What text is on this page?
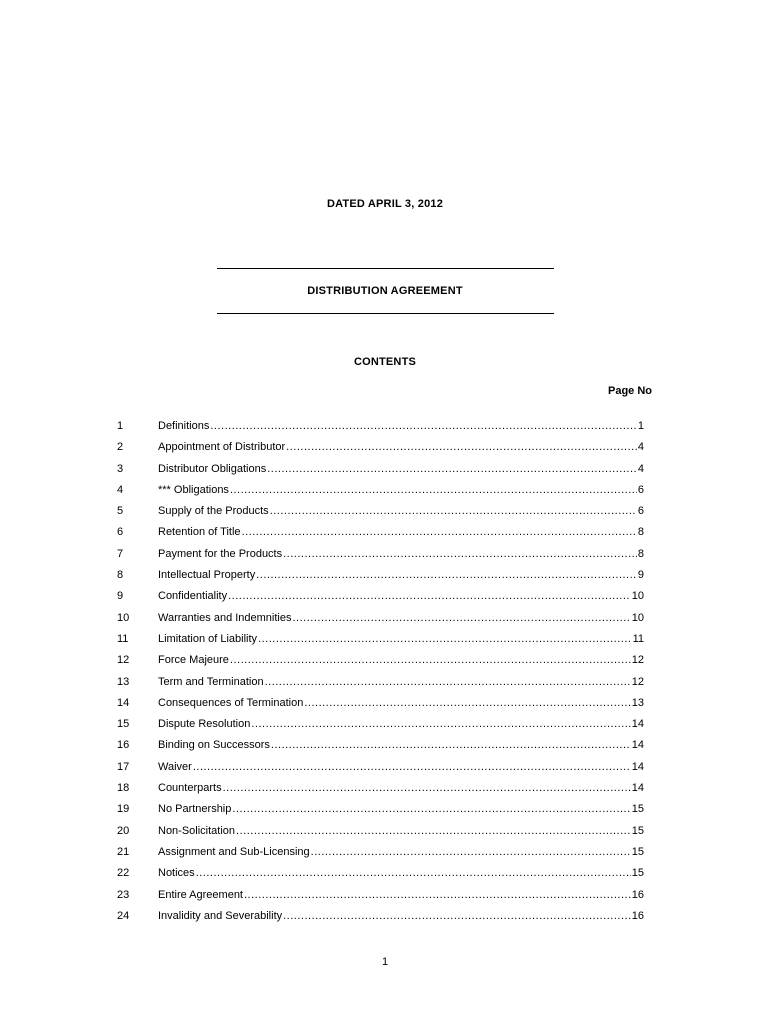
DATED APRIL 3, 2012
DISTRIBUTION AGREEMENT
CONTENTS
Page No
1	Definitions .....	1
2	Appointment of Distributor .....	4
3	Distributor Obligations .....	4
4	*** Obligations .....	6
5	Supply of the Products .....	6
6	Retention of Title .....	8
7	Payment for the Products .....	8
8	Intellectual Property .....	9
9	Confidentiality .....	10
10	Warranties and Indemnities .....	10
11	Limitation of Liability .....	11
12	Force Majeure .....	12
13	Term and Termination .....	12
14	Consequences of Termination .....	13
15	Dispute Resolution .....	14
16	Binding on Successors .....	14
17	Waiver .....	14
18	Counterparts .....	14
19	No Partnership .....	15
20	Non-Solicitation .....	15
21	Assignment and Sub-Licensing .....	15
22	Notices .....	15
23	Entire Agreement .....	16
24	Invalidity and Severability .....	16
1
